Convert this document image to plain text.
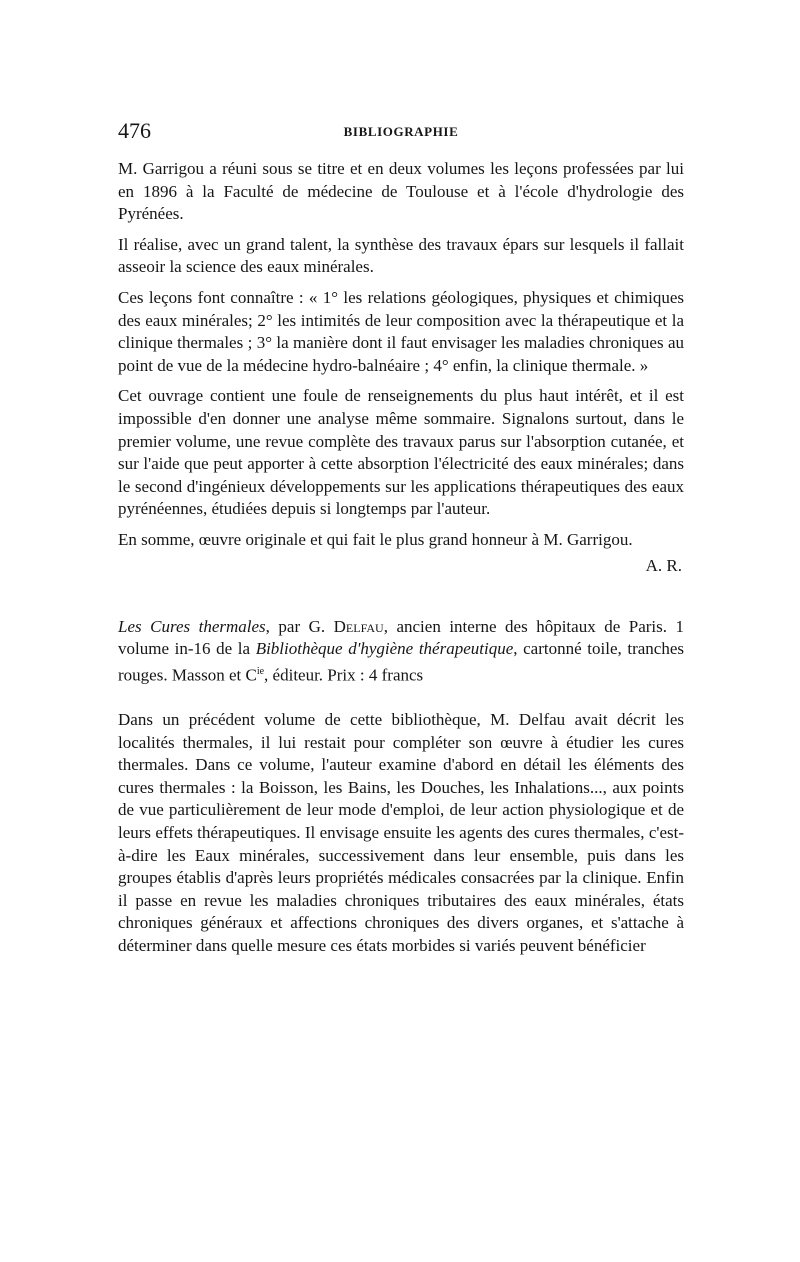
476	BIBLIOGRAPHIE

M. Garrigou a réuni sous se titre et en deux volumes les leçons professées par lui en 1896 à la Faculté de médecine de Toulouse et à l'école d'hydrologie des Pyrénées.

Il réalise, avec un grand talent, la synthèse des travaux épars sur lesquels il fallait asseoir la science des eaux minérales.

Ces leçons font connaître : « 1° les relations géologiques, physiques et chimiques des eaux minérales; 2° les intimités de leur composition avec la thérapeutique et la clinique thermales ; 3° la manière dont il faut envisager les maladies chroniques au point de vue de la médecine hydro-balnéaire ; 4° enfin, la clinique thermale. »

Cet ouvrage contient une foule de renseignements du plus haut intérêt, et il est impossible d'en donner une analyse même sommaire. Signalons surtout, dans le premier volume, une revue complète des travaux parus sur l'absorption cutanée, et sur l'aide que peut apporter à cette absorption l'électricité des eaux minérales; dans le second d'ingénieux développements sur les applications thérapeutiques des eaux pyrénéennes, étudiées depuis si longtemps par l'auteur.

En somme, œuvre originale et qui fait le plus grand honneur à M. Garrigou.

A. R.

Les Cures thermales, par G. Delfau, ancien interne des hôpitaux de Paris. 1 volume in-16 de la Bibliothèque d'hygiène thérapeutique, cartonné toile, tranches rouges. Masson et $C^{ie}$, éditeur. Prix : 4 francs

Dans un précédent volume de cette bibliothèque, M. Delfau avait décrit les localités thermales, il lui restait pour compléter son œuvre à étudier les cures thermales. Dans ce volume, l'auteur examine d'abord en détail les éléments des cures thermales : la Boisson, les Bains, les Douches, les Inhalations..., aux points de vue particulièrement de leur mode d'emploi, de leur action physiologique et de leurs effets thérapeutiques. Il envisage ensuite les agents des cures thermales, c'est-à-dire les Eaux minérales, successivement dans leur ensemble, puis dans les groupes établis d'après leurs propriétés médicales consacrées par la clinique. Enfin il passe en revue les maladies chroniques tributaires des eaux minérales, états chroniques généraux et affections chroniques des divers organes, et s'attache à déterminer dans quelle mesure ces états morbides si variés peuvent bénéficier
